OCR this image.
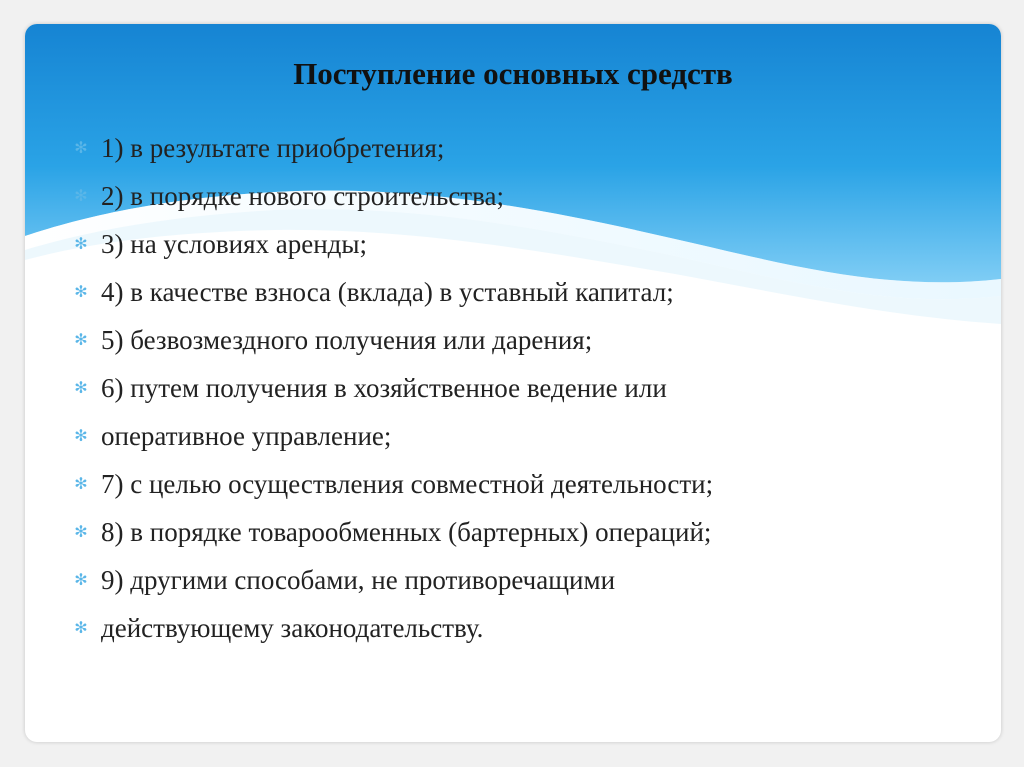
Поступление основных средств
✻ 1) в результате приобретения;
✻ 2) в порядке нового строительства;
✻ 3) на условиях аренды;
✻ 4) в качестве взноса (вклада) в уставный капитал;
✻ 5) безвозмездного получения или дарения;
✻ 6) путем получения в хозяйственное ведение или
✻ оперативное управление;
✻ 7) с целью осуществления совместной деятельности;
✻ 8) в порядке товарообменных (бартерных) операций;
✻ 9) другими способами, не противоречащими
✻ действующему законодательству.
